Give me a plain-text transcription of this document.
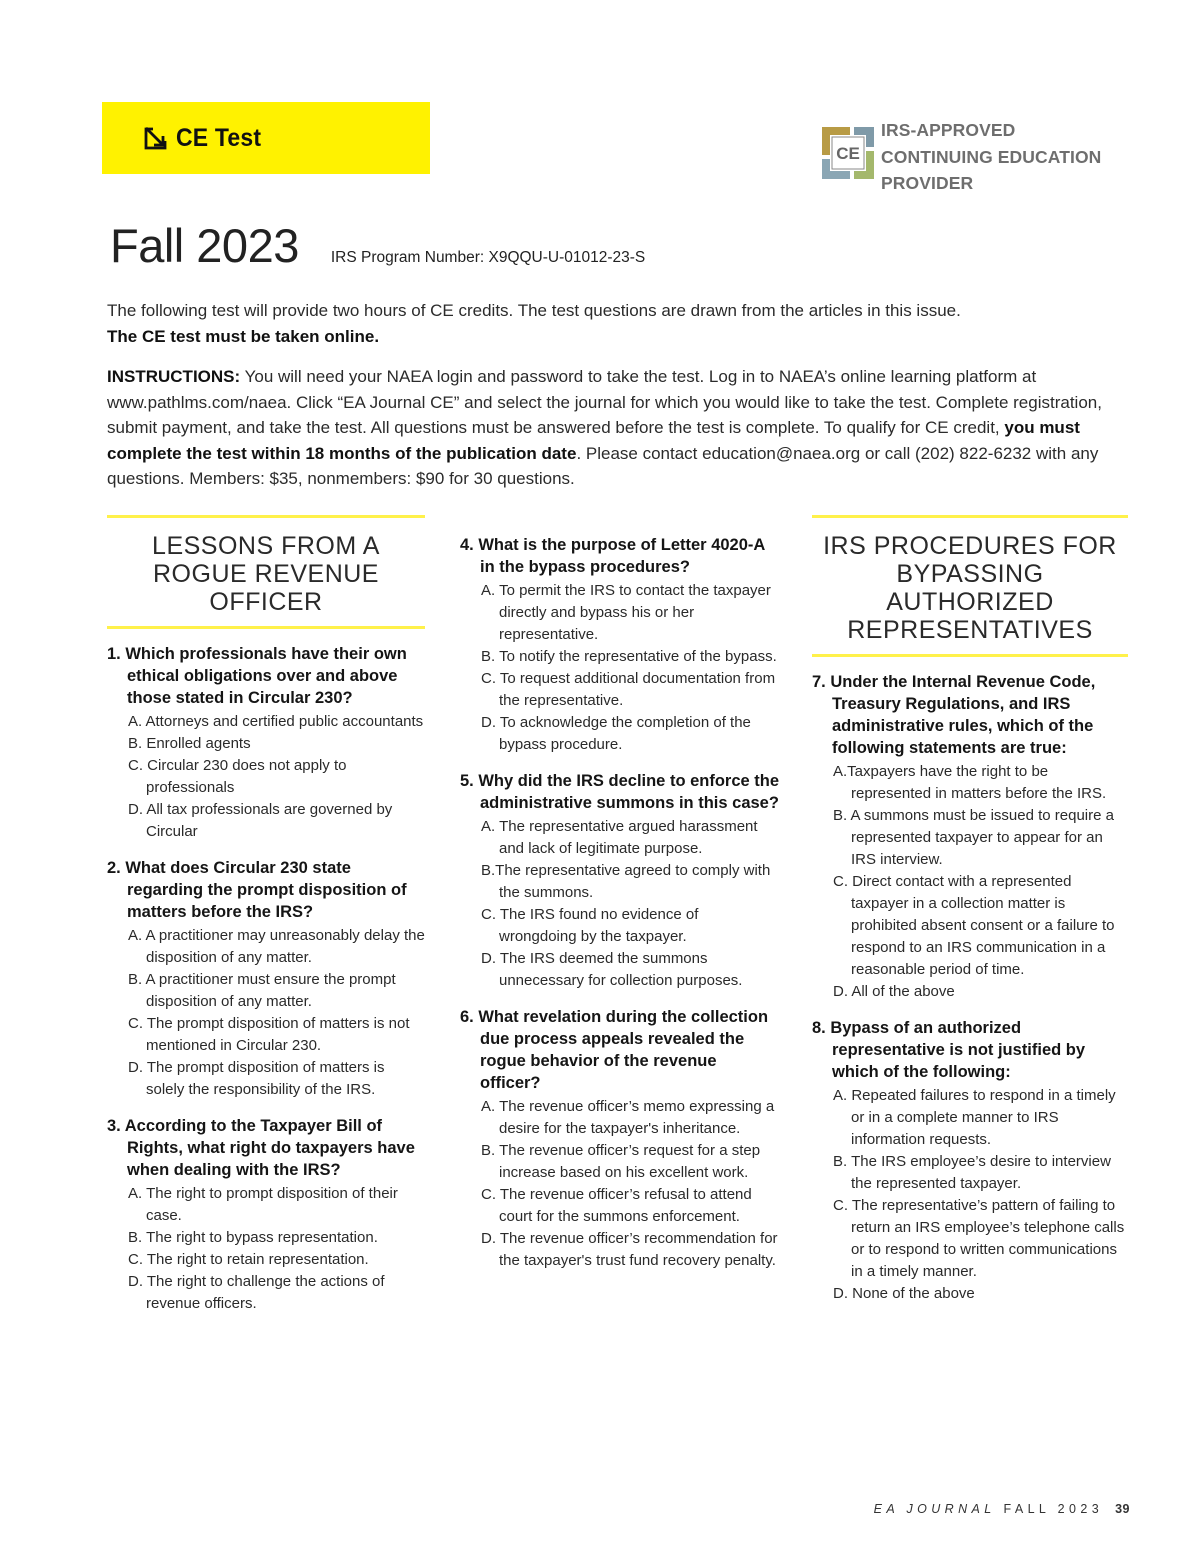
CE Test
CE
IRS-APPROVED
CONTINUING EDUCATION
PROVIDER
Fall 2023 IRS Program Number: X9QQU-U-01012-23-S

The following test will provide two hours of CE credits. The test questions are drawn from the articles in this issue.

The CE test must be taken online.

INSTRUCTIONS: You will need your NAEA login and password to take the test. Log in to NAEA’s online learning platform at www.pathlms.com/naea. Click “EA Journal CE” and select the journal for which you would like to take the test. Complete registration, submit payment, and take the test. All questions must be answered before the test is complete. To qualify for CE credit, you must complete the test within 18 months of the publication date. Please contact education@naea.org or call (202) 822-6232 with any questions. Members: $35, nonmembers: $90 for 30 questions.

LESSONS FROM A ROGUE REVENUE OFFICER
1. Which professionals have their own ethical obligations over and above those stated in Circular 230?
A. Attorneys and certified public accountants
B. Enrolled agents
C. Circular 230 does not apply to professionals
D. All tax professionals are governed by Circular
2. What does Circular 230 state regarding the prompt disposition of matters before the IRS?
A. A practitioner may unreasonably delay the disposition of any matter.
B. A practitioner must ensure the prompt disposition of any matter.
C. The prompt disposition of matters is not mentioned in Circular 230.
D. The prompt disposition of matters is solely the responsibility of the IRS.
3. According to the Taxpayer Bill of Rights, what right do taxpayers have when dealing with the IRS?
A. The right to prompt disposition of their case.
B. The right to bypass representation.
C. The right to retain representation.
D. The right to challenge the actions of revenue officers.
4. What is the purpose of Letter 4020-A in the bypass procedures?
A. To permit the IRS to contact the taxpayer directly and bypass his or her representative.
B. To notify the representative of the bypass.
C. To request additional documentation from the representative.
D. To acknowledge the completion of the bypass procedure.
5. Why did the IRS decline to enforce the administrative summons in this case?
A. The representative argued harassment and lack of legitimate purpose.
B.The representative agreed to comply with the summons.
C. The IRS found no evidence of wrongdoing by the taxpayer.
D. The IRS deemed the summons unnecessary for collection purposes.
6. What revelation during the collection due process appeals revealed the rogue behavior of the revenue officer?
A. The revenue officer’s memo expressing a desire for the taxpayer's inheritance.
B. The revenue officer’s request for a step increase based on his excellent work.
C. The revenue officer’s refusal to attend court for the summons enforcement.
D. The revenue officer’s recommendation for the taxpayer's trust fund recovery penalty.
IRS PROCEDURES FOR BYPASSING AUTHORIZED REPRESENTATIVES
7. Under the Internal Revenue Code, Treasury Regulations, and IRS administrative rules, which of the following statements are true:
A.Taxpayers have the right to be represented in matters before the IRS.
B. A summons must be issued to require a represented taxpayer to appear for an IRS interview.
C. Direct contact with a represented taxpayer in a collection matter is prohibited absent consent or a failure to respond to an IRS communication in a reasonable period of time.
D. All of the above
8. Bypass of an authorized representative is not justified by which of the following:
A. Repeated failures to respond in a timely or in a complete manner to IRS information requests.
B. The IRS employee’s desire to interview the represented taxpayer.
C. The representative’s pattern of failing to return an IRS employee’s telephone calls or to respond to written communications in a timely manner.
D. None of the above
EA JOURNAL FALL 2023 39
